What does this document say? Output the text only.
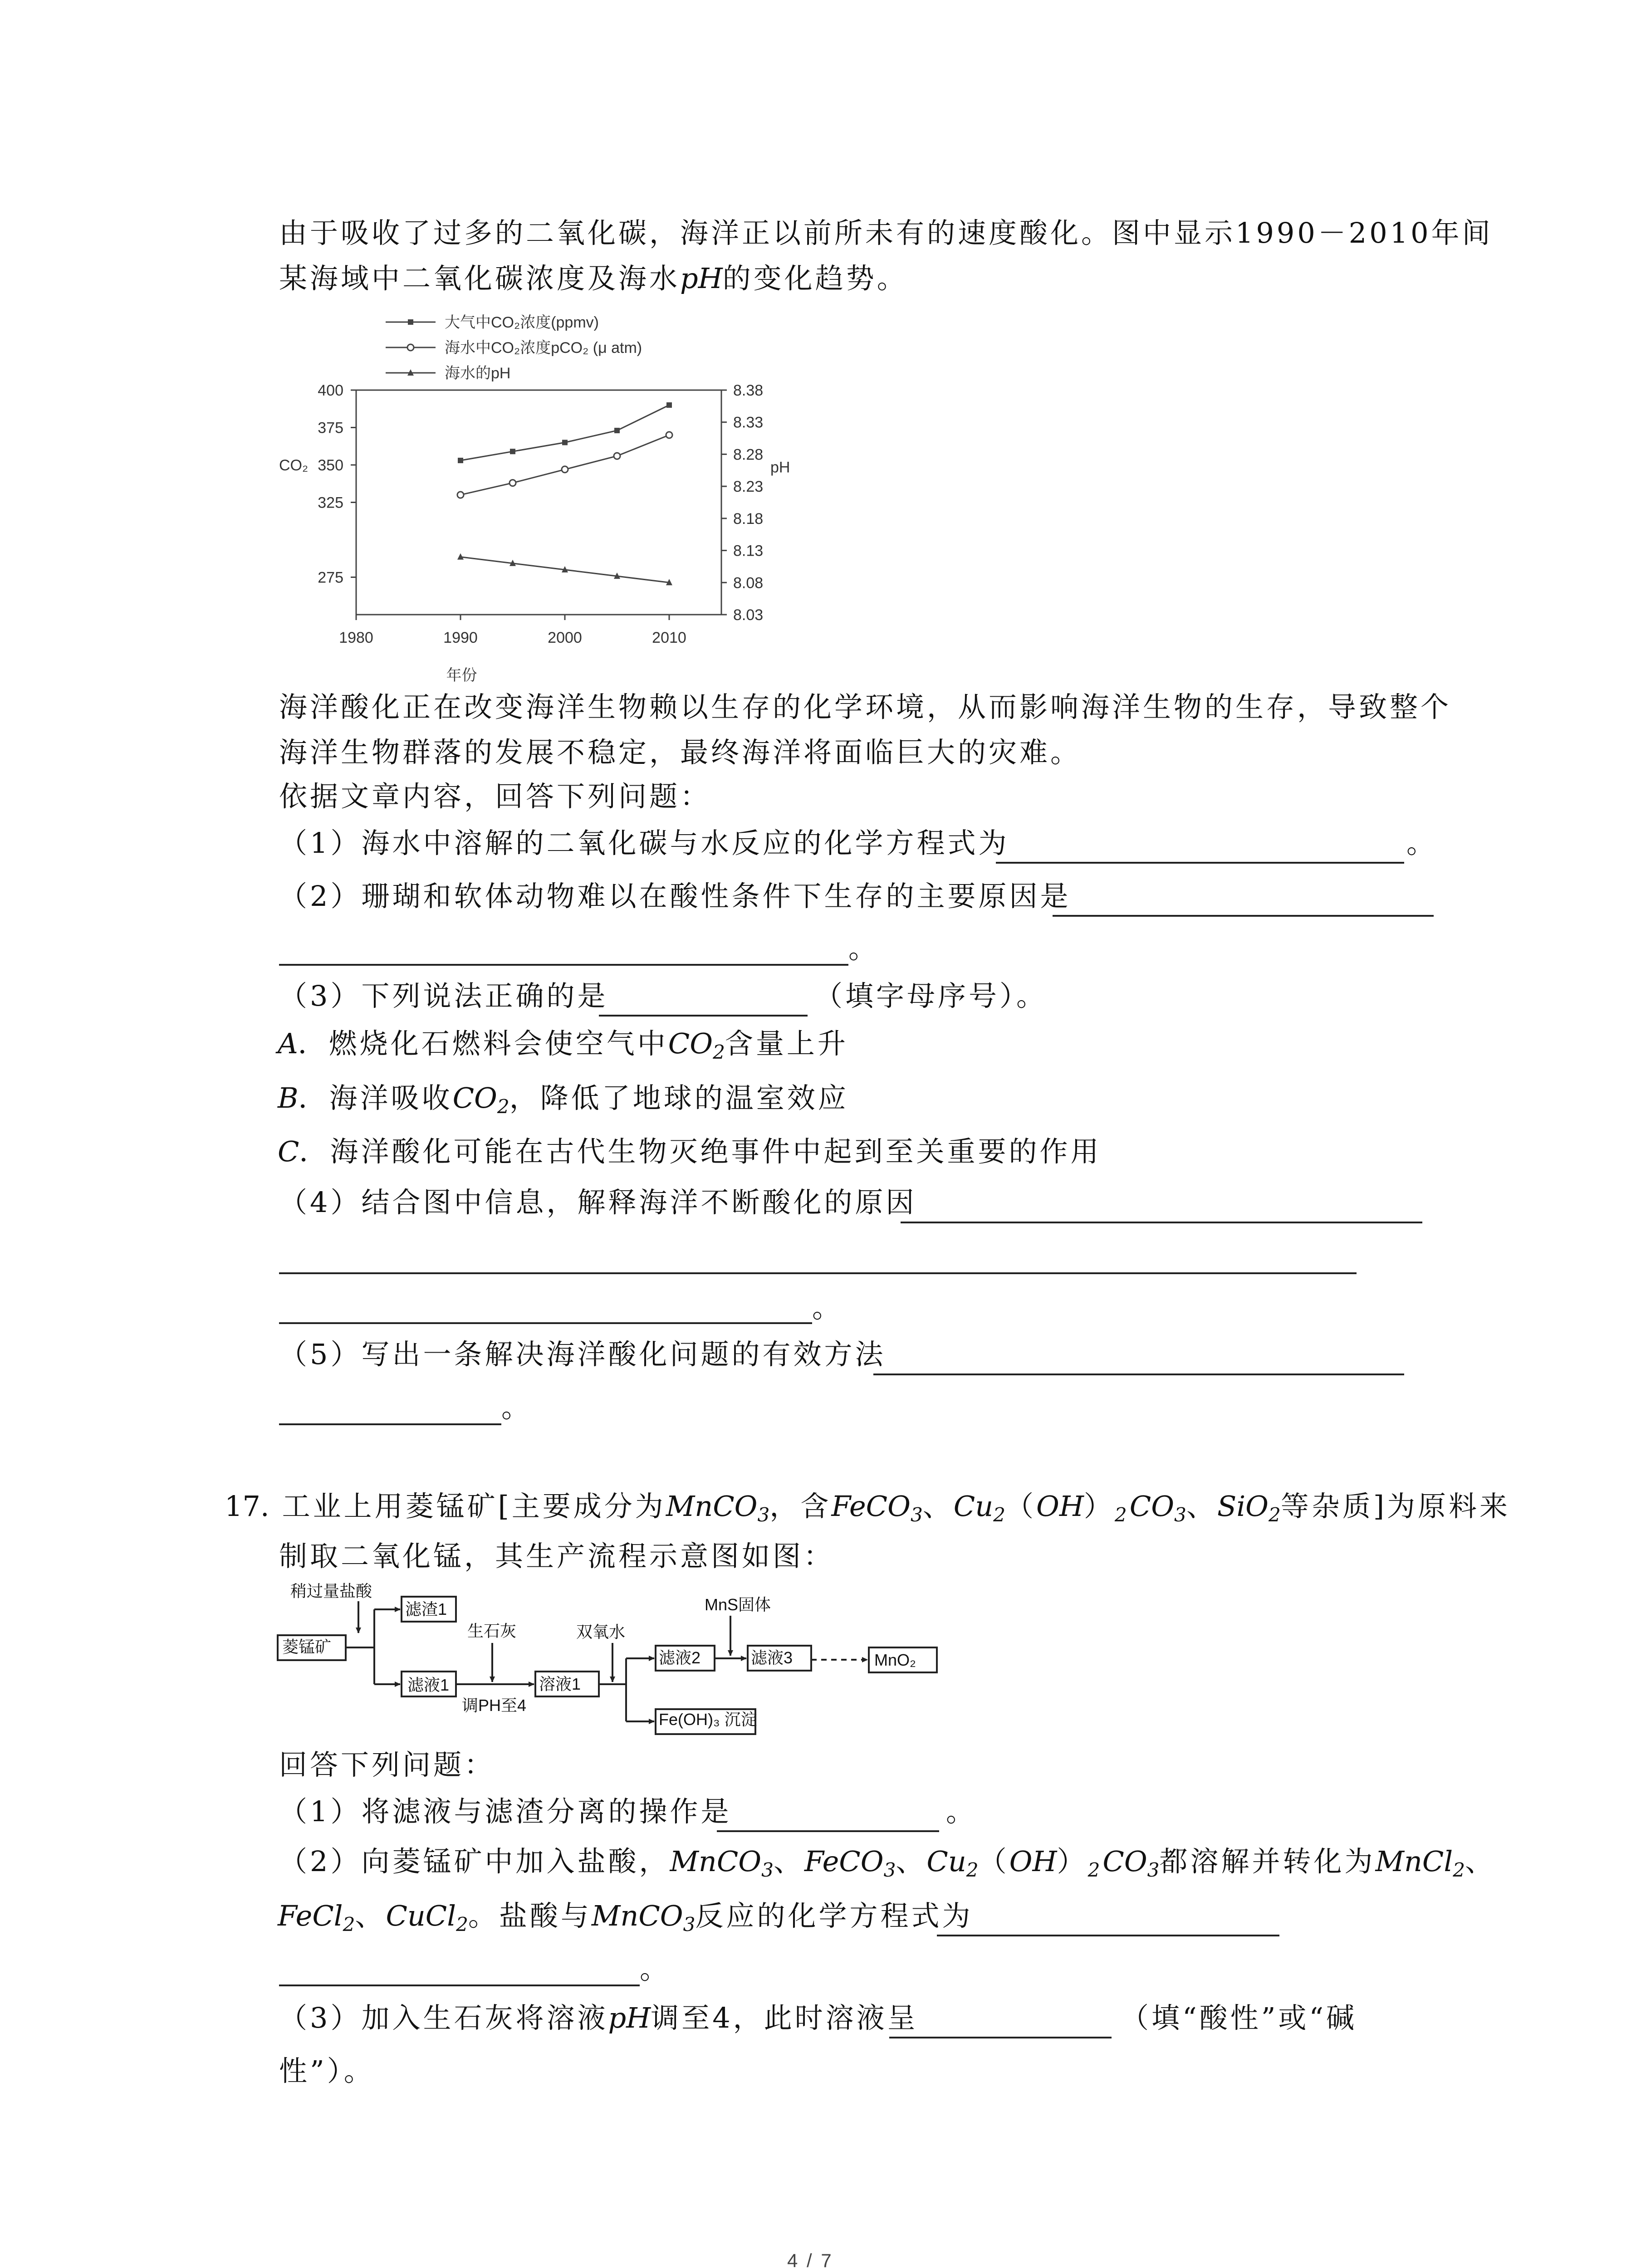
由于吸收了过多的二氧化碳，海洋正以前所未有的速度酸化。图中显示1990－2010年间
某海域中二氧化碳浓度及海水pH的变化趋势。
1980	1990	2000	2010
400
375
350
325
275
8.38
8.33
8.28
8.23
8.18
8.13
8.08
8.03
年份
CO₂	pH
大气中CO₂浓度(ppmv)
海水中CO₂浓度pCO₂ (μ atm)
海水的pH
海洋酸化正在改变海洋生物赖以生存的化学环境，从而影响海洋生物的生存，导致整个
海洋生物群落的发展不稳定，最终海洋将面临巨大的灾难。
依据文章内容，回答下列问题：
（1）海水中溶解的二氧化碳与水反应的化学方程式为	。
（2）珊瑚和软体动物难以在酸性条件下生存的主要原因是
。
（3）下列说法正确的是	（填字母序号）。
A．燃烧化石燃料会使空气中$CO_2$含量上升
B．海洋吸收$CO_2$，降低了地球的温室效应
C．海洋酸化可能在古代生物灭绝事件中起到至关重要的作用
（4）结合图中信息，解释海洋不断酸化的原因
。
（5）写出一条解决海洋酸化问题的有效方法
。
17. 工业上用菱锰矿[主要成分为MnCO$_3$，含FeCO$_3$、$Cu_2(OH)_2CO_3$、SiO$_2$等杂质]为原料来
制取二氧化锰，其生产流程示意图如图：
稍过量盐酸
菱锰矿
滤渣1
生石灰
滤液1
调PH至4
双氧水
溶液1
MnS固体
滤液2	滤液3	MnO₂
Fe(OH)₃ 沉淀
回答下列问题：
（1）将滤液与滤渣分离的操作是	。
（2）向菱锰矿中加入盐酸，MnCO$_3$、FeCO$_3$、$Cu_2(OH)_2CO_3$都溶解并转化为MnCl$_2$、
FeCl$_2$、CuCl$_2$。盐酸与MnCO$_3$反应的化学方程式为
。
（3）加入生石灰将溶液pH调至4，此时溶液呈	（填“酸性”或“碱
性”）。
4 / 7
